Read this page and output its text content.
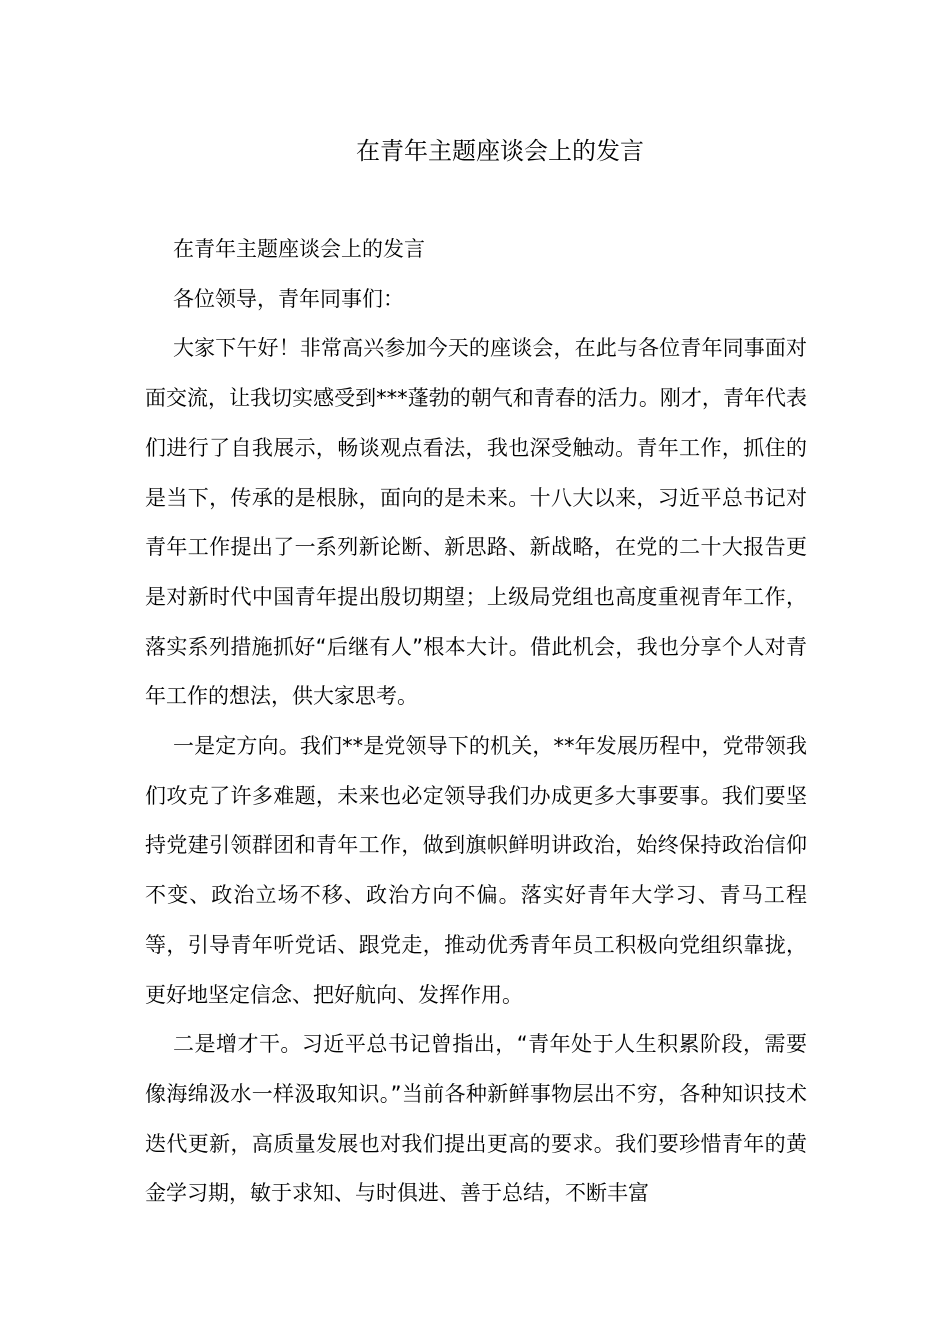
在青年主题座谈会上的发言

在青年主题座谈会上的发言

各位领导，青年同事们：

大家下午好！非常高兴参加今天的座谈会，在此与各位青年同事面对面交流，让我切实感受到***蓬勃的朝气和青春的活力。刚才，青年代表们进行了自我展示，畅谈观点看法，我也深受触动。青年工作，抓住的是当下，传承的是根脉，面向的是未来。十八大以来，习近平总书记对青年工作提出了一系列新论断、新思路、新战略，在党的二十大报告更是对新时代中国青年提出殷切期望；上级局党组也高度重视青年工作，落实系列措施抓好“后继有人”根本大计。借此机会，我也分享个人对青年工作的想法，供大家思考。

一是定方向。我们**是党领导下的机关，**年发展历程中，党带领我们攻克了许多难题，未来也必定领导我们办成更多大事要事。我们要坚持党建引领群团和青年工作，做到旗帜鲜明讲政治，始终保持政治信仰不变、政治立场不移、政治方向不偏。落实好青年大学习、青马工程等，引导青年听党话、跟党走，推动优秀青年员工积极向党组织靠拢，更好地坚定信念、把好航向、发挥作用。

二是增才干。习近平总书记曾指出，“青年处于人生积累阶段，需要像海绵汲水一样汲取知识。”当前各种新鲜事物层出不穷，各种知识技术迭代更新，高质量发展也对我们提出更高的要求。我们要珍惜青年的黄金学习期，敏于求知、与时俱进、善于总结，不断丰富
